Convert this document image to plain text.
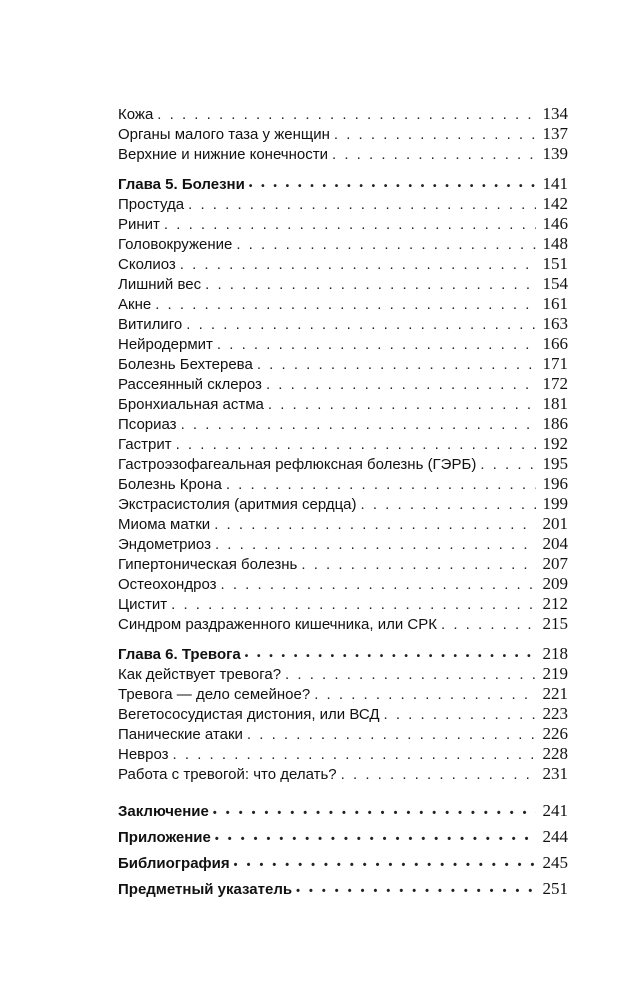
Кожа . . .	134
Органы малого таза у женщин . . .	137
Верхние и нижние конечности . . .	139
Глава 5. Болезни • • •	141
Простуда . . .	142
Ринит . . .	146
Головокружение . . .	148
Сколиоз . . .	151
Лишний вес . . .	154
Акне . . .	161
Витилиго . . .	163
Нейродермит . . .	166
Болезнь Бехтерева . . .	171
Рассеянный склероз . . .	172
Бронхиальная астма . . .	181
Псориаз . . .	186
Гастрит . . .	192
Гастроэзофагеальная рефлюксная болезнь (ГЭРБ) . . .	195
Болезнь Крона . . .	196
Экстрасистолия (аритмия сердца) . . .	199
Миома матки . . .	201
Эндометриоз . . .	204
Гипертоническая болезнь . . .	207
Остеохондроз . . .	209
Цистит . . .	212
Синдром раздраженного кишечника, или СРК . . .	215
Глава 6. Тревога • • •	218
Как действует тревога? . . .	219
Тревога — дело семейное? . . .	221
Вегетососудистая дистония, или ВСД . . .	223
Панические атаки . . .	226
Невроз . . .	228
Работа с тревогой: что делать? . . .	231
Заключение • • •	241
Приложение • • •	244
Библиография • • •	245
Предметный указатель • • •	251
